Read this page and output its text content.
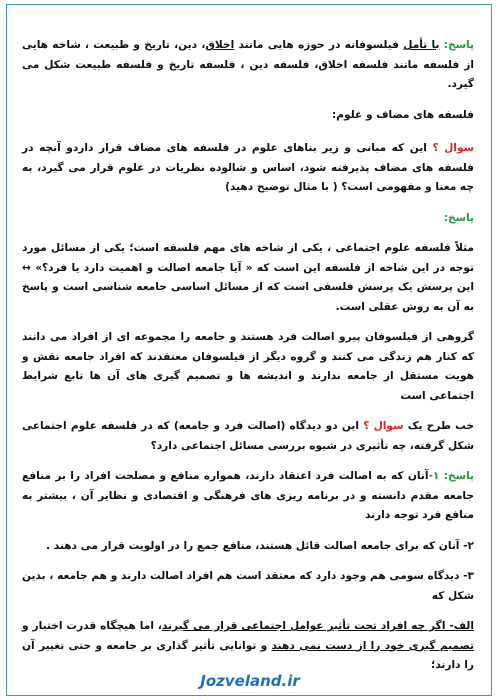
پاسخ: با تأمل فیلسوفانه در حوزه هایی مانند اخلاق، دین، تاریخ و طبیعت ، شاخه هایی از فلسفه مانند فلسفه اخلاق، فلسفه دین ، فلسفه تاریخ و فلسفه طبیعت شکل می گیرد.

فلسفه های مضاف و علوم:

سوال ؟ این که مبانی و زیر بناهای علوم در فلسفه های مضاف قرار داردو آنچه در فلسفه های مضاف پذیرفته شود، اساس و شالوده نظریات در علوم قرار می گیرد، به چه معنا و مفهومی است؟ ( با مثال توضیح دهید)

پاسخ:

مثلاً فلسفه علوم اجتماعی ، یکی از شاخه های مهم فلسفه است؛ یکی از مسائل مورد توجه در این شاخه از فلسفه این است که « آیا جامعه اصالت و اهمیت دارد یا فرد؟» ↔ این پرسش یک پرسش فلسفی است که از مسائل اساسی جامعه شناسی است و پاسخ به آن به روش عقلی است.

گروهی از فیلسوفان پیرو اصالت فرد هستند و جامعه را مجموعه ای از افراد می دانند که کنار هم زندگی می کنند و گروه دیگر از فیلسوفان معتقدند که افراد جامعه نقش و هویت مستقل از جامعه ندارند و اندیشه ها و تصمیم گیری های آن ها تابع شرایط اجتماعی است

خب طرح یک سوال ؟ این دو دیدگاه (اصالت فرد و جامعه) که در فلسفه علوم اجتماعی شکل گرفته، چه تأثیری در شیوه بررسی مسائل اجتماعی دارد؟

پاسخ: ۱-آنان که به اصالت فرد اعتقاد دارند، همواره منافع و مصلحت افراد را بر منافع جامعه مقدم دانسته و در برنامه ریزی های فرهنگی و اقتصادی و نظایر آن ، بیشتر به منافع فرد توجه دارند

۲- آنان که برای جامعه اصالت قائل هستند، منافع جمع را در اولویت قرار می دهند .

۳- دیدگاه سومی هم وجود دارد که معتقد است هم افراد اصالت دارند و هم جامعه ، بدین شکل که

الف- اگر چه افراد تحت تأثیر عوامل اجتماعی قرار می گیرند، اما هیچگاه قدرت اختیار و تصمیم گیری خود را از دست نمی دهند و توانایی تأثیر گذاری بر جامعه و حتی تغییر آن را دارند؛

Jozveland.ir
